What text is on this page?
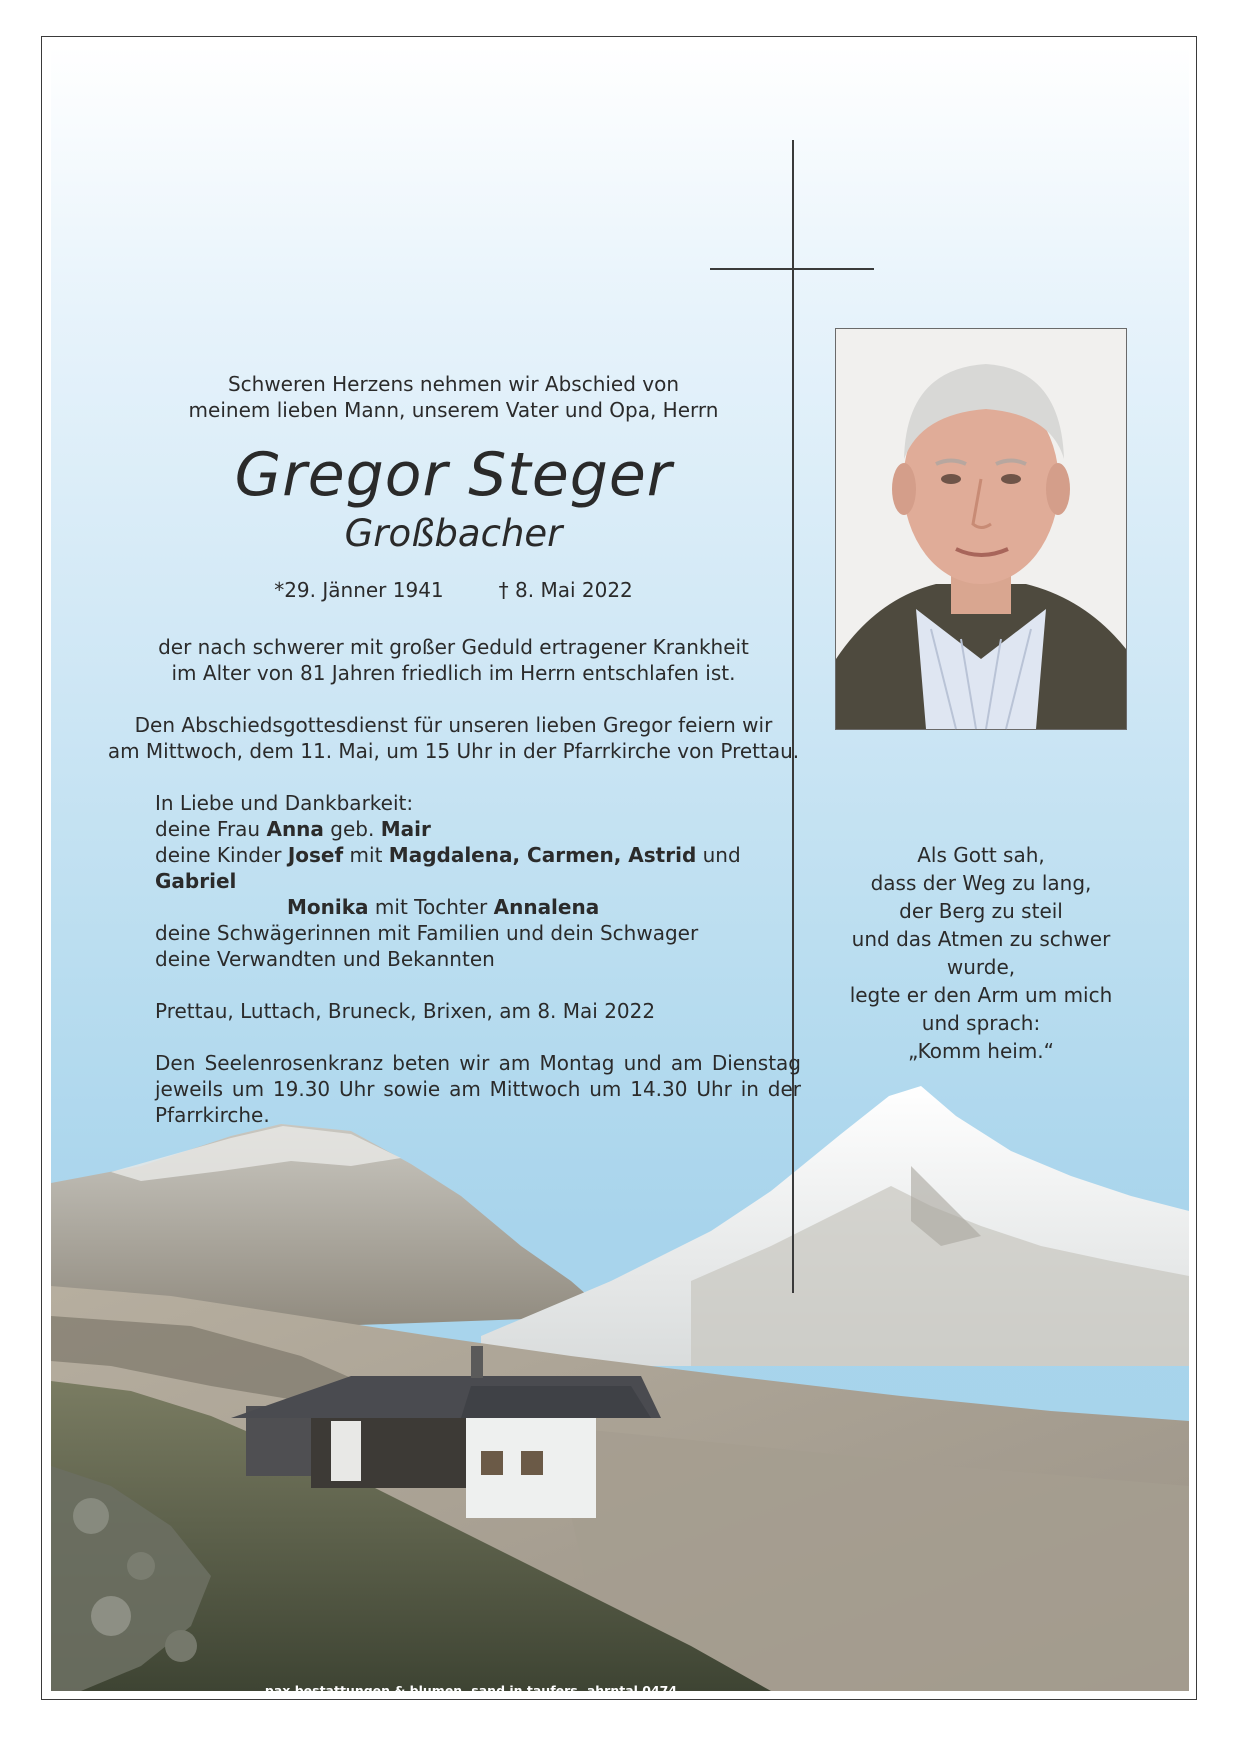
Schweren Herzens nehmen wir Abschied von
meinem lieben Mann, unserem Vater und Opa, Herrn
Gregor Steger
Großbacher
*29. Jänner 1941	† 8. Mai 2022
der nach schwerer mit großer Geduld ertragener Krankheit
im Alter von 81 Jahren friedlich im Herrn entschlafen ist.
Den Abschiedsgottesdienst für unseren lieben Gregor feiern wir
am Mittwoch, dem 11. Mai, um 15 Uhr in der Pfarrkirche von Prettau.
In Liebe und Dankbarkeit:
deine Frau Anna geb. Mair
deine Kinder Josef mit Magdalena, Carmen, Astrid und Gabriel
Monika mit Tochter Annalena
deine Schwägerinnen mit Familien und dein Schwager
deine Verwandten und Bekannten
Prettau, Luttach, Bruneck, Brixen, am 8. Mai 2022
Den Seelenrosenkranz beten wir am Montag und am Dienstag jeweils um 19.30 Uhr sowie am Mittwoch um 14.30 Uhr in der Pfarrkirche.
Als Gott sah,
dass der Weg zu lang,
der Berg zu steil
und das Atmen zu schwer
wurde,
legte er den Arm um mich
und sprach:
„Komm heim.“
pax bestattungen & blumen, sand in taufers, ahrntal 0474 652068
traueranzeigen online: www.pax.bz.it
